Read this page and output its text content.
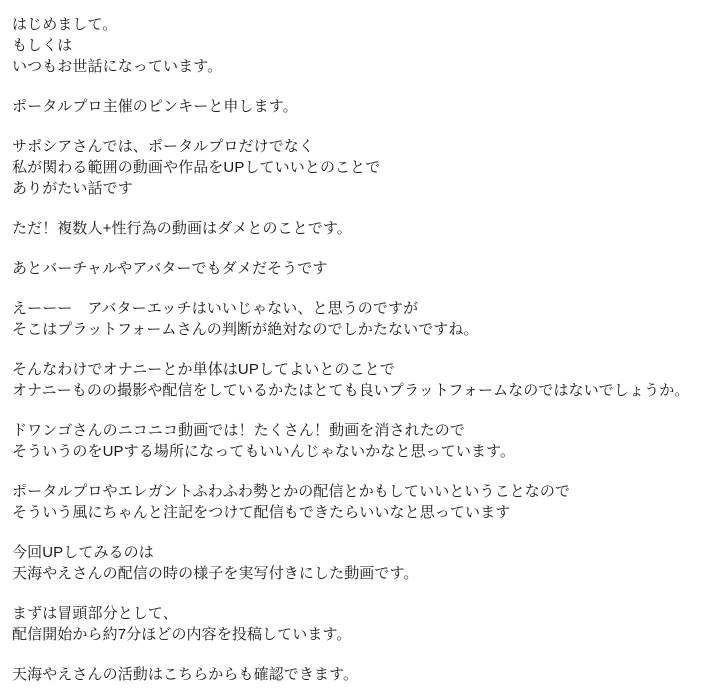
はじめまして。
もしくは
いつもお世話になっています。
ポータルプロ主催のピンキーと申します。
サポシアさんでは、ポータルプロだけでなく
私が関わる範囲の動画や作品をUPしていいとのことで
ありがたい話です
ただ！複数人+性行為の動画はダメとのことです。
あとバーチャルやアバターでもダメだそうです
えーーー　アバターエッチはいいじゃない、と思うのですが
そこはプラットフォームさんの判断が絶対なのでしかたないですね。
そんなわけでオナニーとか単体はUPしてよいとのことで
オナニーものの撮影や配信をしているかたはとても良いプラットフォームなのではないでしょうか。
ドワンゴさんのニコニコ動画では！たくさん！動画を消されたので
そういうのをUPする場所になってもいいんじゃないかなと思っています。
ポータルプロやエレガントふわふわ勢とかの配信とかもしていいということなので
そういう風にちゃんと注記をつけて配信もできたらいいなと思っています
今回UPしてみるのは
天海やえさんの配信の時の様子を実写付きにした動画です。
まずは冒頭部分として、
配信開始から約7分ほどの内容を投稿しています。
天海やえさんの活動はこちらからも確認できます。
